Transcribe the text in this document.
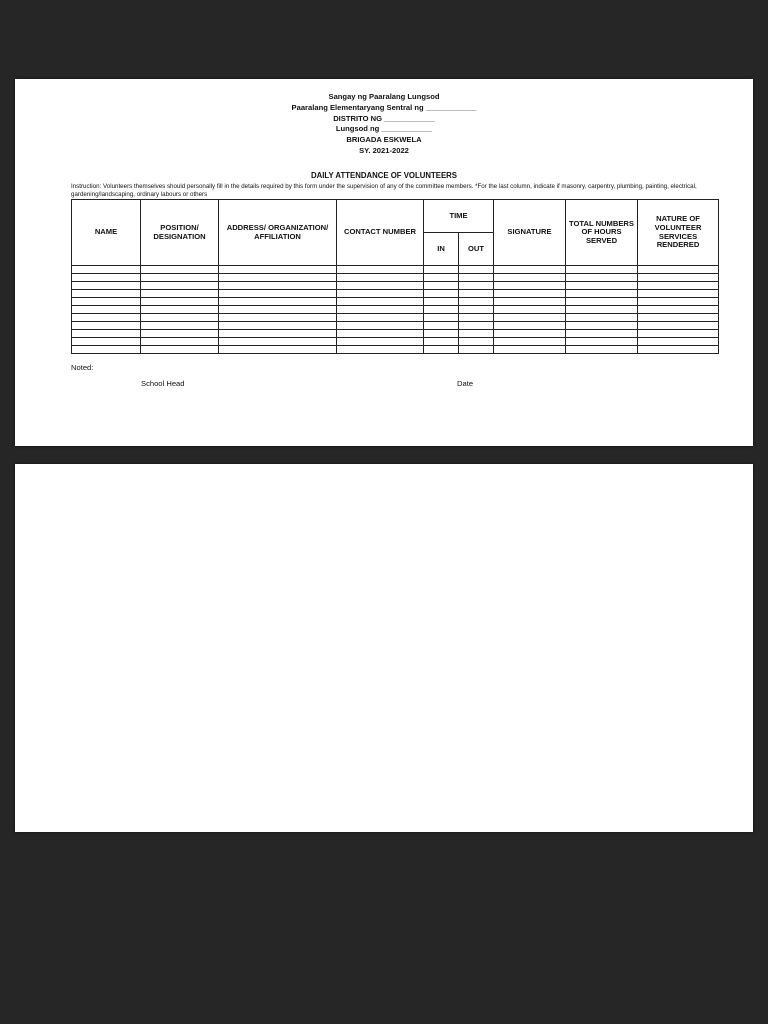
Sangay ng Paaralang Lungsod
Paaralang Elementaryang Sentral ng ____________
DISTRITO NG ____________
Lungsod ng ____________
BRIGADA ESKWELA
SY. 2021-2022
DAILY ATTENDANCE OF VOLUNTEERS
Instruction: Volunteers themselves should personally fill in the details required by this form under the supervision of any of the committee members. *For the last column, indicate if masonry, carpentry, plumbing, painting, electrical, gardening/landscaping, ordinary labours or others
NAME	POSITION/ DESIGNATION	ADDRESS/ ORGANIZATION/ AFFILIATION	CONTACT NUMBER	TIME		SIGNATURE	TOTAL NUMBERS OF HOURS SERVED	NATURE OF VOLUNTEER SERVICES RENDERED
				IN	OUT			

Noted:
School Head	Date
